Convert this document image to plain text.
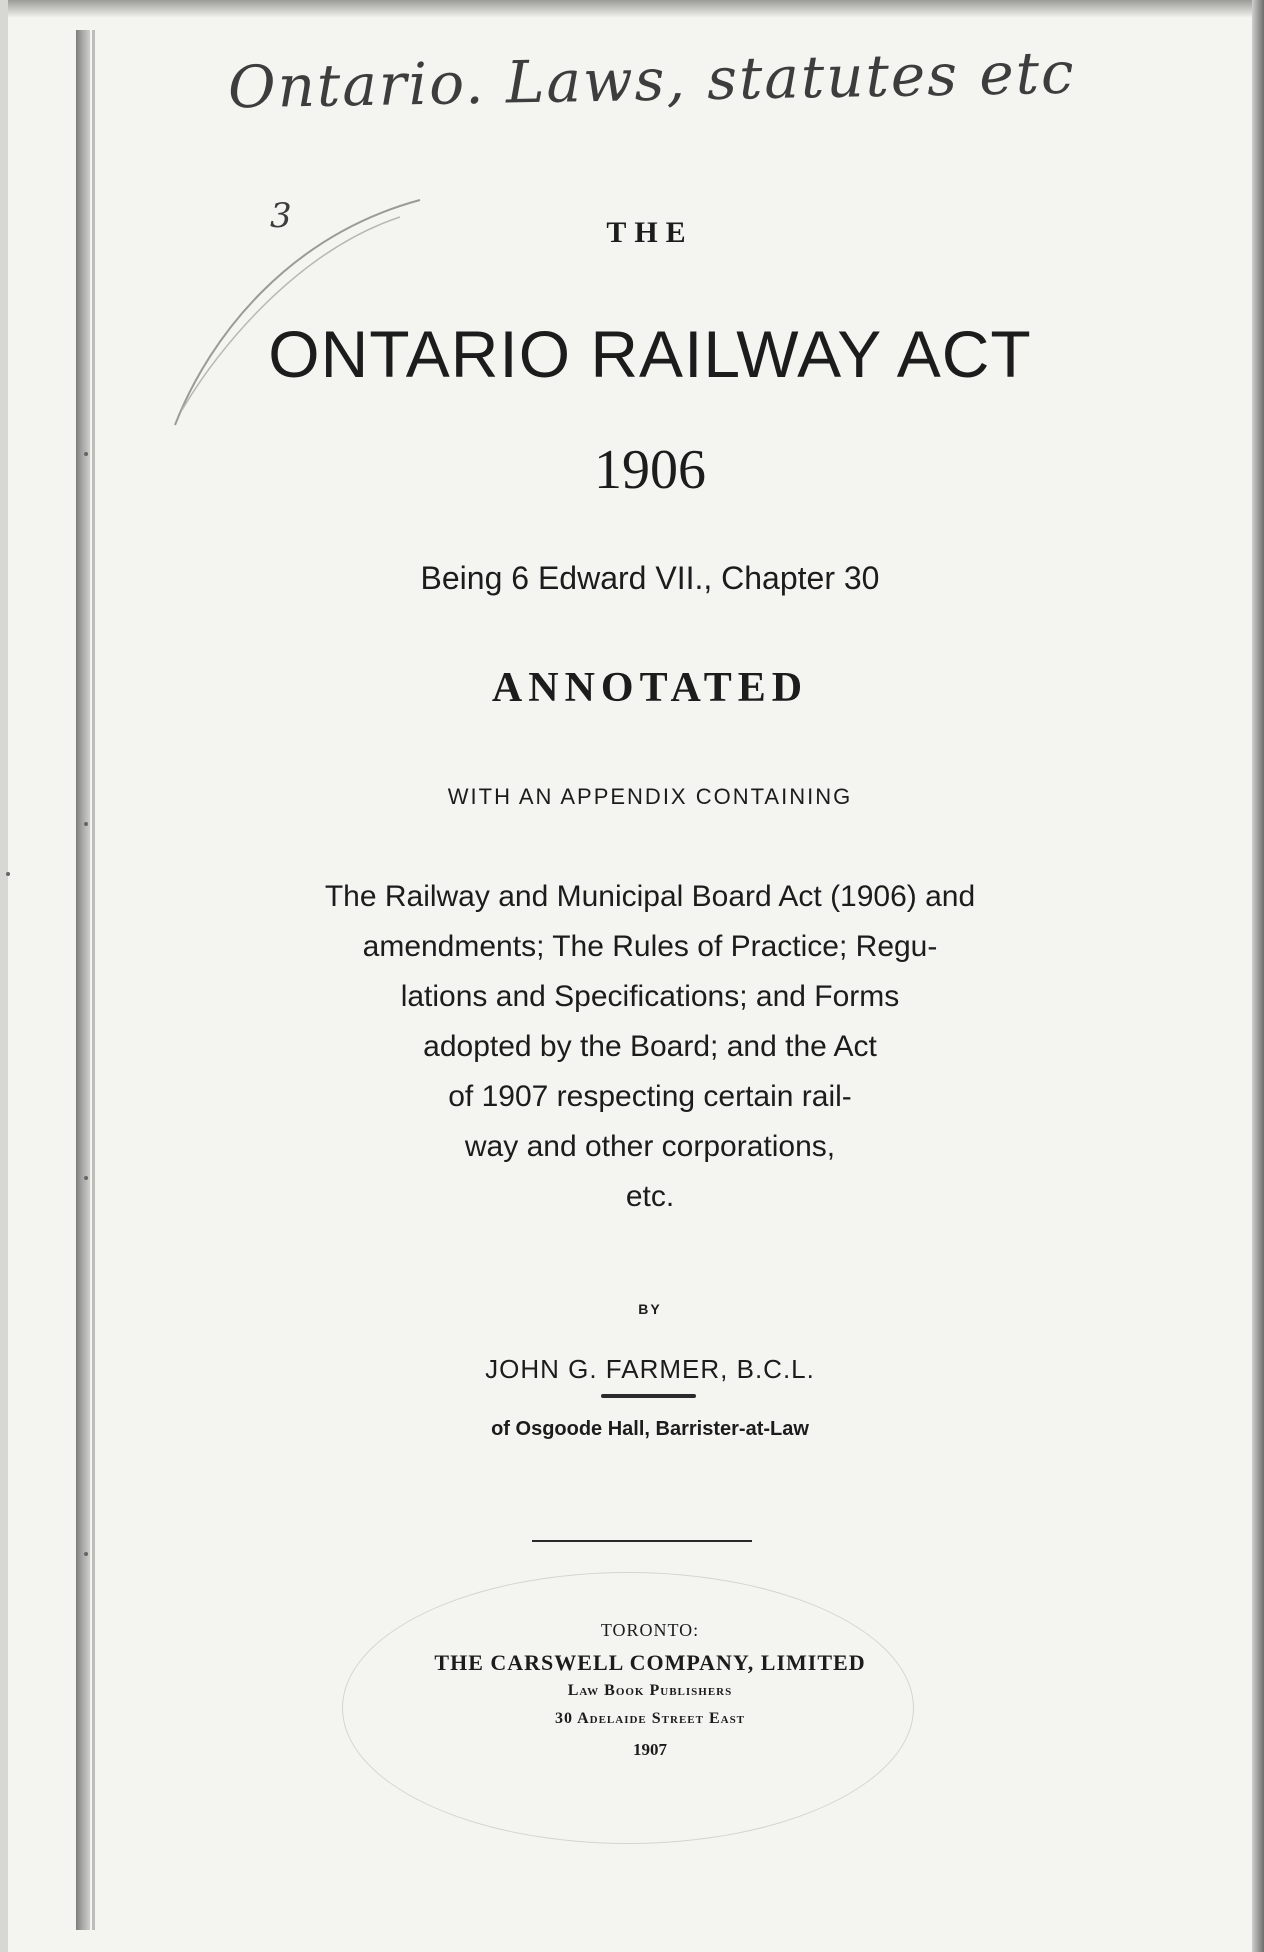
Ontario. Laws, statutes etc
3	THE
ONTARIO RAILWAY ACT
1906
Being 6 Edward VII., Chapter 30
ANNOTATED
WITH AN APPENDIX CONTAINING
The Railway and Municipal Board Act (1906) and
amendments; The Rules of Practice; Regu-
lations and Specifications; and Forms
adopted by the Board; and the Act
of 1907 respecting certain rail-
way and other corporations,
etc.
BY
JOHN G. FARMER, B.C.L.
of Osgoode Hall, Barrister-at-Law
TORONTO:
THE CARSWELL COMPANY, LIMITED
Law Book Publishers
30 Adelaide Street East
1907
